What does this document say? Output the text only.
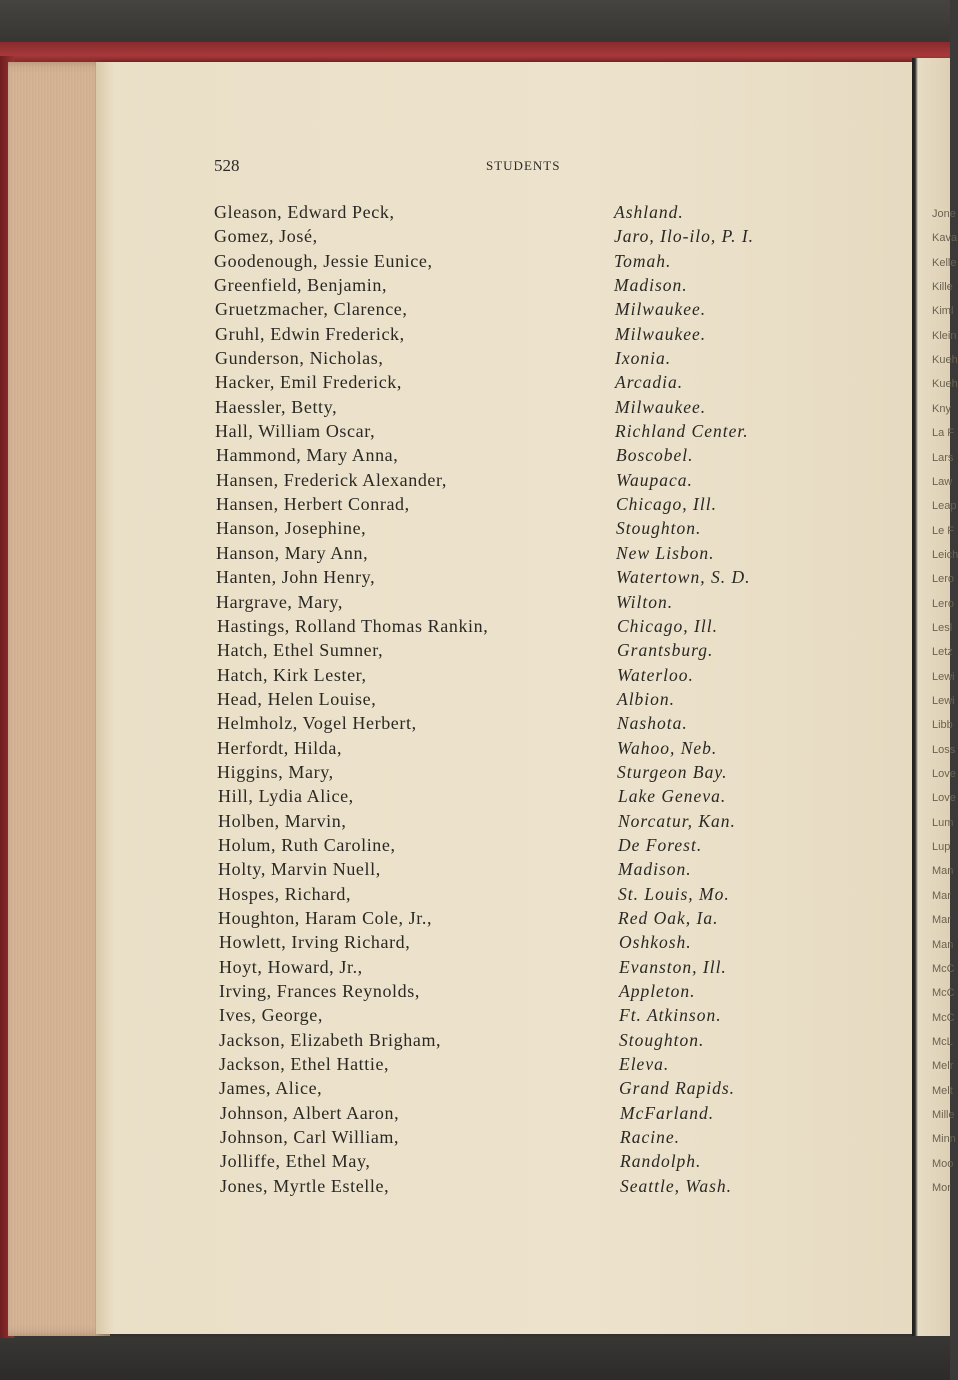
Jone
Kava
Kelle
Kille
Kiml
Klein
Kueh
Kueh
Kny
La F
Lars
Law
Leap
Le F
Leich
Lero
Lero
Lesl
Letz
Lewi
Lewi
Libb
Loss
Love
Love
Lum
Lup
Man
Mar
Mar
Man
McC
McC
McC
McL
Melr
Melt
Mille
Minn
Moo
Mor
528	STUDENTS
Gleason, Edward Peck,	Ashland.
Gomez, José,	Jaro, Ilo-ilo, P. I.
Goodenough, Jessie Eunice,	Tomah.
Greenfield, Benjamin,	Madison.
Gruetzmacher, Clarence,	Milwaukee.
Gruhl, Edwin Frederick,	Milwaukee.
Gunderson, Nicholas,	Ixonia.
Hacker, Emil Frederick,	Arcadia.
Haessler, Betty,	Milwaukee.
Hall, William Oscar,	Richland Center.
Hammond, Mary Anna,	Boscobel.
Hansen, Frederick Alexander,	Waupaca.
Hansen, Herbert Conrad,	Chicago, Ill.
Hanson, Josephine,	Stoughton.
Hanson, Mary Ann,	New Lisbon.
Hanten, John Henry,	Watertown, S. D.
Hargrave, Mary,	Wilton.
Hastings, Rolland Thomas Rankin,	Chicago, Ill.
Hatch, Ethel Sumner,	Grantsburg.
Hatch, Kirk Lester,	Waterloo.
Head, Helen Louise,	Albion.
Helmholz, Vogel Herbert,	Nashota.
Herfordt, Hilda,	Wahoo, Neb.
Higgins, Mary,	Sturgeon Bay.
Hill, Lydia Alice,	Lake Geneva.
Holben, Marvin,	Norcatur, Kan.
Holum, Ruth Caroline,	De Forest.
Holty, Marvin Nuell,	Madison.
Hospes, Richard,	St. Louis, Mo.
Houghton, Haram Cole, Jr.,	Red Oak, Ia.
Howlett, Irving Richard,	Oshkosh.
Hoyt, Howard, Jr.,	Evanston, Ill.
Irving, Frances Reynolds,	Appleton.
Ives, George,	Ft. Atkinson.
Jackson, Elizabeth Brigham,	Stoughton.
Jackson, Ethel Hattie,	Eleva.
James, Alice,	Grand Rapids.
Johnson, Albert Aaron,	McFarland.
Johnson, Carl William,	Racine.
Jolliffe, Ethel May,	Randolph.
Jones, Myrtle Estelle,	Seattle, Wash.
